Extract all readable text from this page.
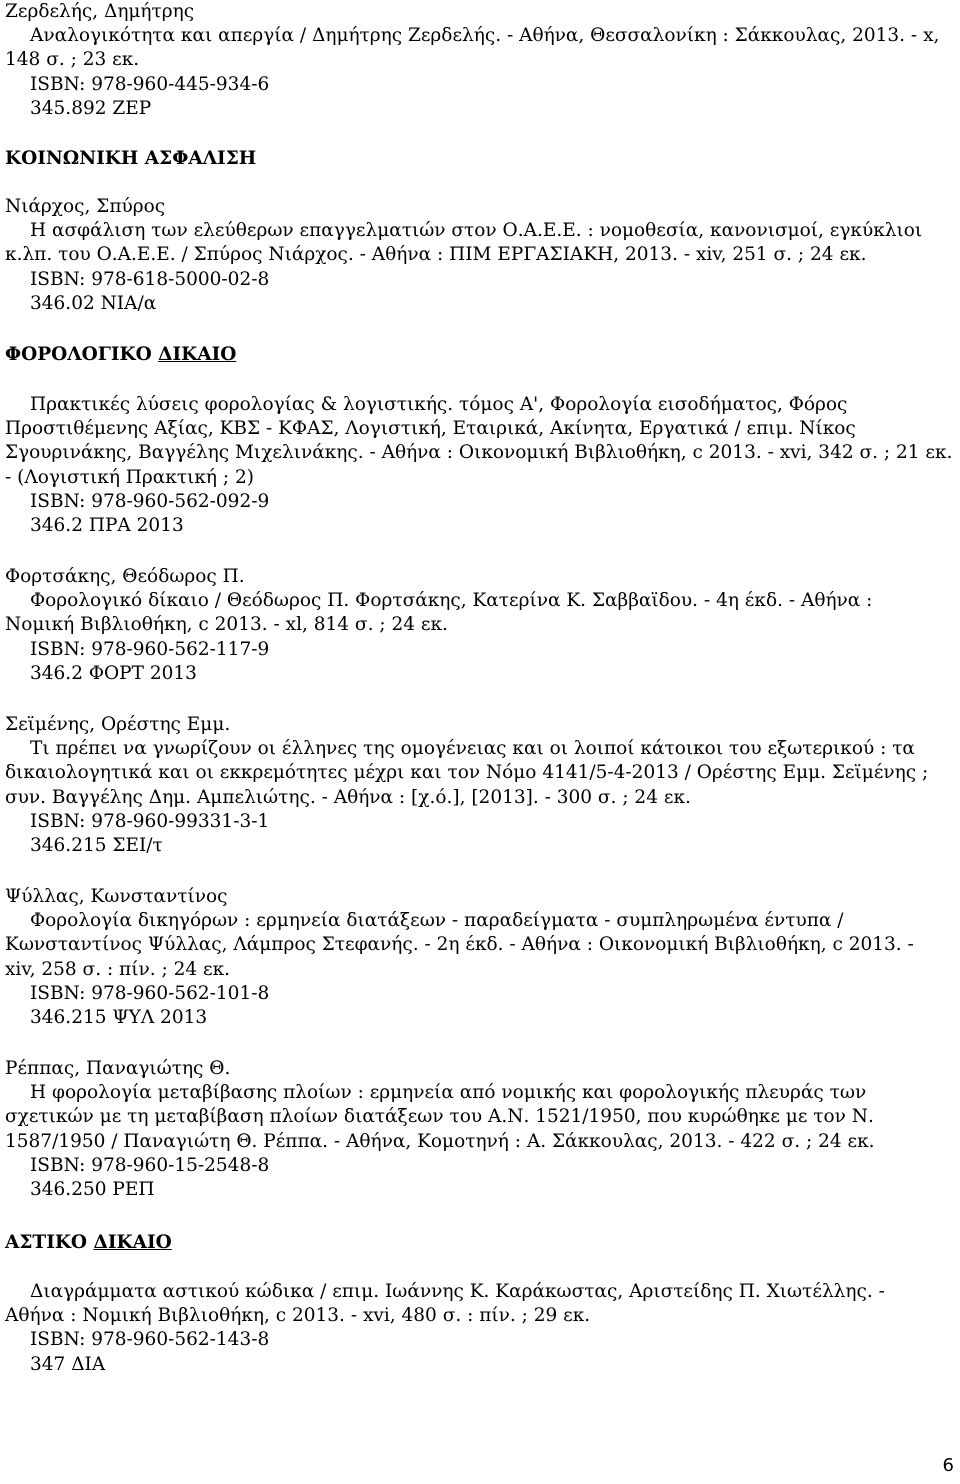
Ζερδελής, Δημήτρης
Αναλογικότητα και απεργία / Δημήτρης Ζερδελής. - Αθήνα, Θεσσαλονίκη : Σάκκουλας, 2013. - x,
148 σ. ; 23 εκ.
ISBN: 978-960-445-934-6
345.892 ΖΕΡ
ΚΟΙΝΩΝΙΚΗ ΑΣΦΑΛΙΣΗ
Νιάρχος, Σπύρος
Η ασφάλιση των ελεύθερων επαγγελματιών στον Ο.Α.Ε.Ε. : νομοθεσία, κανονισμοί, εγκύκλιοι
κ.λπ. του Ο.Α.Ε.Ε. / Σπύρος Νιάρχος. - Αθήνα : ΠΙΜ ΕΡΓΑΣΙΑΚΗ, 2013. - xiv, 251 σ. ; 24 εκ.
ISBN: 978-618-5000-02-8
346.02 ΝΙΑ/α
ΦΟΡΟΛΟΓΙΚΟ ΔΙΚΑΙΟ
Πρακτικές λύσεις φορολογίας & λογιστικής. τόμος Α', Φορολογία εισοδήματος, Φόρος
Προστιθέμενης Αξίας, ΚΒΣ - ΚΦΑΣ, Λογιστική, Εταιρικά, Ακίνητα, Εργατικά / επιμ. Νίκος
Σγουρινάκης, Βαγγέλης Μιχελινάκης. - Αθήνα : Οικονομική Βιβλιοθήκη, c 2013. - xvi, 342 σ. ; 21 εκ.
- (Λογιστική Πρακτική ; 2)
ISBN: 978-960-562-092-9
346.2 ΠΡΑ 2013
Φορτσάκης, Θεόδωρος Π.
Φορολογικό δίκαιο / Θεόδωρος Π. Φορτσάκης, Κατερίνα Κ. Σαββαϊδου. - 4η έκδ. - Αθήνα :
Νομική Βιβλιοθήκη, c 2013. - xl, 814 σ. ; 24 εκ.
ISBN: 978-960-562-117-9
346.2 ΦΟΡΤ 2013
Σεϊμένης, Ορέστης Εμμ.
Τι πρέπει να γνωρίζουν οι έλληνες της ομογένειας και οι λοιποί κάτοικοι του εξωτερικού : τα
δικαιολογητικά και οι εκκρεμότητες μέχρι και τον Νόμο 4141/5-4-2013 / Ορέστης Εμμ. Σεϊμένης ;
συν. Βαγγέλης Δημ. Αμπελιώτης. - Αθήνα : [χ.ό.], [2013]. - 300 σ. ; 24 εκ.
ISBN: 978-960-99331-3-1
346.215 ΣΕΙ/τ
Ψύλλας, Κωνσταντίνος
Φορολογία δικηγόρων : ερμηνεία διατάξεων - παραδείγματα - συμπληρωμένα έντυπα /
Κωνσταντίνος Ψύλλας, Λάμπρος Στεφανής. - 2η έκδ. - Αθήνα : Οικονομική Βιβλιοθήκη, c 2013. -
xiv, 258 σ. : πίν. ; 24 εκ.
ISBN: 978-960-562-101-8
346.215 ΨΥΛ 2013
Ρέππας, Παναγιώτης Θ.
Η φορολογία μεταβίβασης πλοίων : ερμηνεία από νομικής και φορολογικής πλευράς των
σχετικών με τη μεταβίβαση πλοίων διατάξεων του Α.Ν. 1521/1950, που κυρώθηκε με τον Ν.
1587/1950 / Παναγιώτη Θ. Ρέππα. - Αθήνα, Κομοτηνή : Α. Σάκκουλας, 2013. - 422 σ. ; 24 εκ.
ISBN: 978-960-15-2548-8
346.250 ΡΕΠ
ΑΣΤΙΚΟ ΔΙΚΑΙΟ
Διαγράμματα αστικού κώδικα / επιμ. Ιωάννης Κ. Καράκωστας, Αριστείδης Π. Χιωτέλλης. -
Αθήνα : Νομική Βιβλιοθήκη, c 2013. - xvi, 480 σ. : πίν. ; 29 εκ.
ISBN: 978-960-562-143-8
347 ΔΙΑ
6
